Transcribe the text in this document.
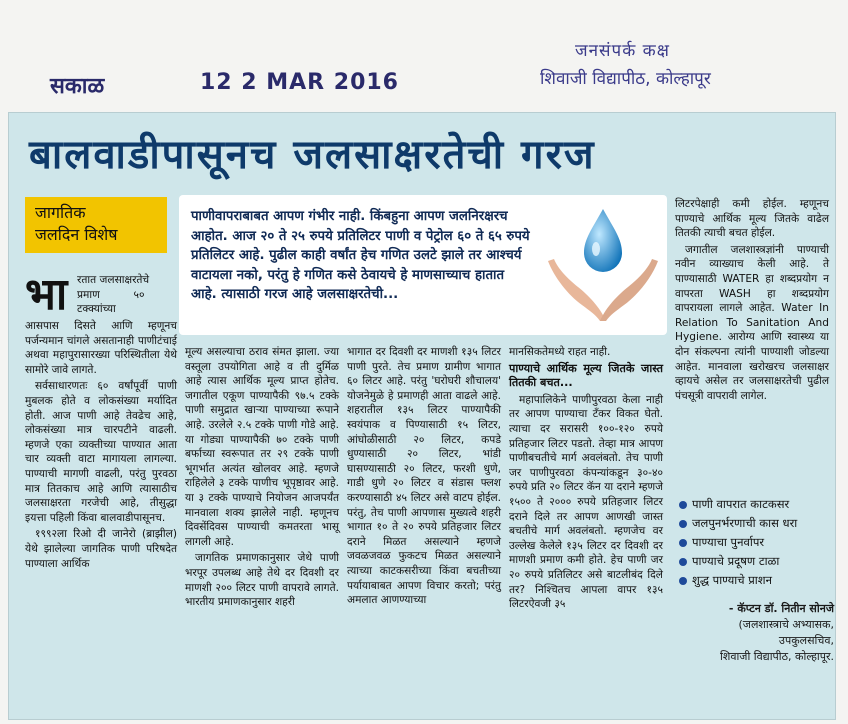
जनसंपर्क कक्ष
शिवाजी विद्यापीठ, कोल्हापूर
सकाळ	12 2 MAR 2016
बालवाडीपासूनच जलसाक्षरतेची गरज
जागतिक
जलदिन विशेष
पाणीवापराबाबत आपण गंभीर नाही. किंबहुना आपण जलनिरक्षरच आहोत. आज २० ते २५ रुपये प्रतिलिटर पाणी व पेट्रोल ६० ते ६५ रुपये प्रतिलिटर आहे. पुढील काही वर्षांत हेच गणित उलटे झाले तर आश्चर्य वाटायला नको, परंतु हे गणित कसे ठेवायचे हे माणसाच्याच हातात आहे. त्यासाठी गरज आहे जलसाक्षरतेची...
भा रतात जलसाक्षरतेचे
प्रमाण	५०
टक्क्यांच्या

आसपास दिसते आणि म्हणूनच पर्जन्यमान चांगले असतानाही पाणीटंचाई अथवा महापुरासारख्या परिस्थितीला येथे सामोरे जावे लागते.

सर्वसाधारणतः ६० वर्षांपूर्वी पाणी मुबलक होते व लोकसंख्या मर्यादित होती. आज पाणी आहे तेवढेच आहे, लोकसंख्या मात्र चारपटीने वाढली. म्हणजे एका व्यक्तीच्या पाण्यात आता चार व्यक्ती वाटा मागायला लागल्या. पाण्याची मागणी वाढली, परंतु पुरवठा मात्र तितकाच आहे आणि त्यासाठीच जलसाक्षरता गरजेची आहे, तीसुद्धा इयत्ता पहिली किंवा बालवाडीपासूनच.

१९९२ला रिओ दी जानेरो (ब्राझील) येथे झालेल्या जागतिक पाणी परिषदेत पाण्याला आर्थिक

मूल्य असल्याचा ठराव संमत झाला. ज्या वस्तूला उपयोगिता आहे व ती दुर्मिळ आहे त्यास आर्थिक मूल्य प्राप्त होतेच. जगातील एकूण पाण्यापैकी ९७.५ टक्के पाणी समुद्रात खाऱ्या पाण्याच्या रूपाने आहे. उरलेले २.५ टक्के पाणी गोडे आहे. या गोड्या पाण्यापैकी ७० टक्के पाणी बर्फाच्या स्वरूपात तर २९ टक्के पाणी भूगर्भात अत्यंत खोलवर आहे. म्हणजे राहिलेले ३ टक्के पाणीच भूपृष्ठावर आहे. या ३ टक्के पाण्याचे नियोजन आजपर्यंत मानवाला शक्य झालेले नाही. म्हणूनच दिवसेंदिवस पाण्याची कमतरता भासू लागली आहे.

जागतिक प्रमाणकानुसार जेथे पाणी भरपूर उपलब्ध आहे तेथे दर दिवशी दर माणशी २०० लिटर पाणी वापरावे लागते. भारतीय प्रमाणकानुसार शहरी

भागात दर दिवशी दर माणशी १३५ लिटर पाणी पुरते. तेच प्रमाण ग्रामीण भागात ६० लिटर आहे. परंतु 'घरोघरी शौचालय' योजनेमुळे हे प्रमाणही आता वाढले आहे. शहरातील १३५ लिटर पाण्यापैकी स्वयंपाक व पिण्यासाठी १५ लिटर, आंघोळीसाठी २० लिटर, कपडे धुण्यासाठी २० लिटर, भांडी घासण्यासाठी २० लिटर, फरशी धुणे, गाडी धुणे २० लिटर व संडास फ्लश करण्यासाठी ४५ लिटर असे वाटप होईल. परंतु, तेच पाणी आपणास मुख्यत्वे शहरी भागात १० ते २० रुपये प्रतिहजार लिटर दराने मिळत असल्याने म्हणजे जवळजवळ फुकटच मिळत असल्याने त्याच्या काटकसरीच्या किंवा बचतीच्या पर्यायाबाबत आपण विचार करतो; परंतु अमलात आणण्याच्या

मानसिकतेमध्ये राहत नाही.

पाण्याचे आर्थिक मूल्य जितके जास्त तितकी बचत...

महापालिकेने पाणीपुरवठा केला नाही तर आपण पाण्याचा टँकर विकत घेतो. त्याचा दर सरासरी १००-१२० रुपये प्रतिहजार लिटर पडतो. तेव्हा मात्र आपण पाणीबचतीचे मार्ग अवलंबतो. तेच पाणी जर पाणीपुरवठा कंपन्यांकडून ३०-४० रुपये प्रति २० लिटर कॅन या दराने म्हणजे १५०० ते २००० रुपये प्रतिहजार लिटर दराने दिले तर आपण आणखी जास्त बचतीचे मार्ग अवलंबतो. म्हणजेच वर उल्लेख केलेले १३५ लिटर दर दिवशी दर माणशी प्रमाण कमी होते. हेच पाणी जर २० रुपये प्रतिलिटर असे बाटलीबंद दिले तर? निश्चितच आपला वापर १३५ लिटरऐवजी ३५

लिटरपेक्षाही कमी होईल. म्हणूनच पाण्याचे आर्थिक मूल्य जितके वाढेल तितकी त्याची बचत होईल.

जगातील जलशास्त्रज्ञांनी पाण्याची नवीन व्याख्याच केली आहे. ते पाण्यासाठी WATER हा शब्दप्रयोग न वापरता WASH हा शब्दप्रयोग वापरायला लागले आहेत. Water In Relation To Sanitation And Hygiene. आरोग्य आणि स्वास्थ्य या दोन संकल्पना त्यांनी पाण्याशी जोडल्या आहेत. मानवाला खरोखरच जलसाक्षर व्हायचे असेल तर जलसाक्षरतेची पुढील पंचसूत्री वापरावी लागेल.

पाणी वापरात काटकसर
जलपुनर्भरणाची कास धरा
पाण्याचा पुनर्वापर
पाण्याचे प्रदूषण टाळा
शुद्ध पाण्याचे प्राशन
- कॅप्टन डॉ. नितीन सोनजे
(जलशास्त्राचे अभ्यासक,
उपकुलसचिव,
शिवाजी विद्यापीठ, कोल्हापूर.
